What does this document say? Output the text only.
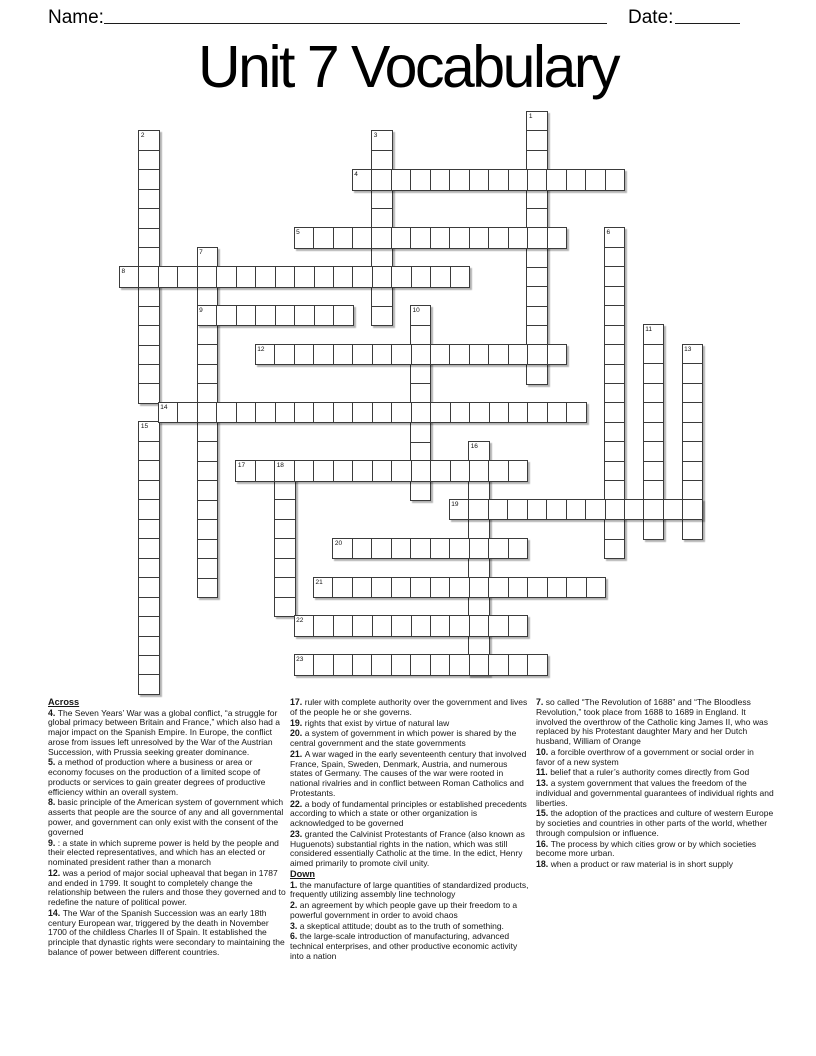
Name:	Date:
Unit 7 Vocabulary
1
2	3
6
7
10
11
13
15
16
18
4
5
8
9
12
14
17
19
20
21
22
23

Across

4. The Seven Years’ War was a global conflict, “a struggle for global primacy between Britain and France,” which also had a major impact on the Spanish Empire. In Europe, the conflict arose from issues left unresolved by the War of the Austrian Succession, with Prussia seeking greater dominance.

5. a method of production where a business or area or economy focuses on the production of a limited scope of products or services to gain greater degrees of productive efficiency within an overall system.

8. basic principle of the American system of government which asserts that people are the source of any and all governmental power, and government can only exist with the consent of the governed

9. : a state in which supreme power is held by the people and their elected representatives, and which has an elected or nominated president rather than a monarch

12. was a period of major social upheaval that began in 1787 and ended in 1799. It sought to completely change the relationship between the rulers and those they governed and to redefine the nature of political power.

14. The War of the Spanish Succession was an early 18th century European war, triggered by the death in November 1700 of the childless Charles II of Spain. It established the principle that dynastic rights were secondary to maintaining the balance of power between different countries.

17. ruler with complete authority over the government and lives of the people he or she governs.

19. rights that exist by virtue of natural law

20. a system of government in which power is shared by the central government and the state governments

21. A war waged in the early seventeenth century that involved France, Spain, Sweden, Denmark, Austria, and numerous states of Germany. The causes of the war were rooted in national rivalries and in conflict between Roman Catholics and Protestants.

22. a body of fundamental principles or established precedents according to which a state or other organization is acknowledged to be governed

23. granted the Calvinist Protestants of France (also known as Huguenots) substantial rights in the nation, which was still considered essentially Catholic at the time. In the edict, Henry aimed primarily to promote civil unity.

Down

1. the manufacture of large quantities of standardized products, frequently utilizing assembly line technology

2. an agreement by which people gave up their freedom to a powerful government in order to avoid chaos

3. a skeptical attitude; doubt as to the truth of something.

6. the large-scale introduction of manufacturing, advanced technical enterprises, and other productive economic activity into a nation

7. so called “The Revolution of 1688” and “The Bloodless Revolution,” took place from 1688 to 1689 in England. It involved the overthrow of the Catholic king James II, who was replaced by his Protestant daughter Mary and her Dutch husband, William of Orange

10. a forcible overthrow of a government or social order in favor of a new system

11. belief that a ruler’s authority comes directly from God

13. a system government that values the freedom of the individual and governmental guarantees of individual rights and liberties.

15. the adoption of the practices and culture of western Europe by societies and countries in other parts of the world, whether through compulsion or influence.

16. The process by which cities grow or by which societies become more urban.

18. when a product or raw material is in short supply
